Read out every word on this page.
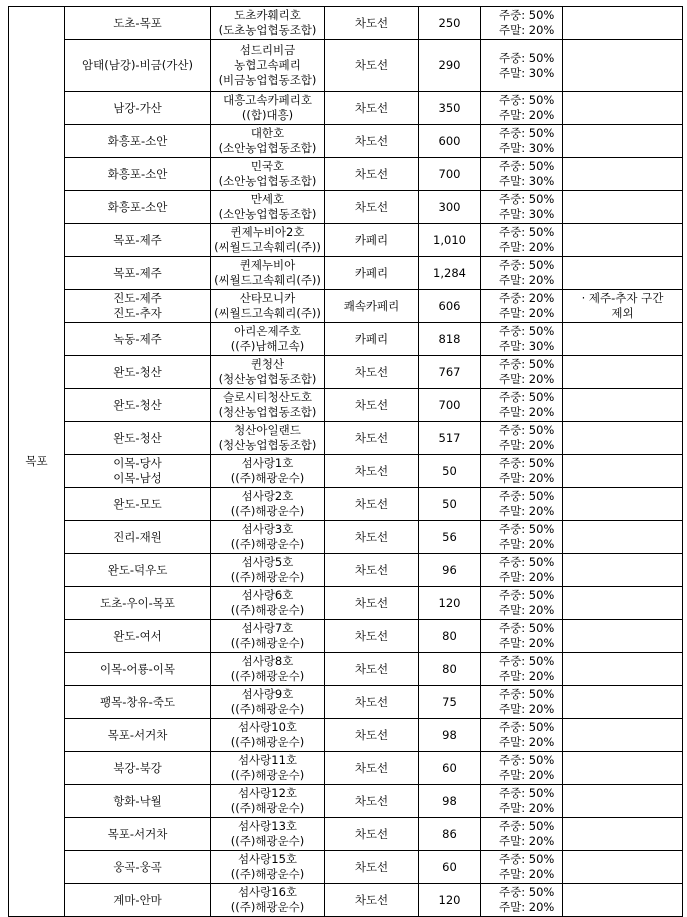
목포	도초-목포	도초카훼리호
(도초농업협동조합)	차도선	250	주중: 50%
주말: 20%	

	암태(남강)-비금(가산)	섬드리비금
농협고속페리
(비금농업협동조합)	차도선	290	주중: 50%
주말: 30%	

	남강-가산	대흥고속카페리호
((합)대흥)	차도선	350	주중: 50%
주말: 20%	

	화흥포-소안	대한호
(소안농업협동조합)	차도선	600	주중: 50%
주말: 30%	

	화흥포-소안	민국호
(소안농업협동조합)	차도선	700	주중: 50%
주말: 30%	

	화흥포-소안	만세호
(소안농업협동조합)	차도선	300	주중: 50%
주말: 30%	

	목포-제주	퀸제누비아2호
(씨월드고속훼리(주))	카페리	1,010	주중: 50%
주말: 20%	

	목포-제주	퀸제누비아
(씨월드고속훼리(주))	카페리	1,284	주중: 50%
주말: 20%	

	진도-제주
진도-추자	산타모니카
(씨월드고속훼리(주))	쾌속카페리	606	주중: 20%
주말: 20%	· 제주-추자 구간
제외

	녹동-제주	아리온제주호
((주)남해고속)	카페리	818	주중: 50%
주말: 30%	

	완도-청산	퀸청산
(청산농업협동조합)	차도선	767	주중: 50%
주말: 20%	

	완도-청산	슬로시티청산도호
(청산농업협동조합)	차도선	700	주중: 50%
주말: 20%	

	완도-청산	청산아일랜드
(청산농업협동조합)	차도선	517	주중: 50%
주말: 20%	

	이목-당사
이목-남성	섬사랑1호
((주)해광운수)	차도선	50	주중: 50%
주말: 20%	

	완도-모도	섬사랑2호
((주)해광운수)	차도선	50	주중: 50%
주말: 20%	

	진리-재원	섬사랑3호
((주)해광운수)	차도선	56	주중: 50%
주말: 20%	

	완도-덕우도	섬사랑5호
((주)해광운수)	차도선	96	주중: 50%
주말: 20%	

	도초-우이-목포	섬사랑6호
((주)해광운수)	차도선	120	주중: 50%
주말: 20%	

	완도-여서	섬사랑7호
((주)해광운수)	차도선	80	주중: 50%
주말: 20%	

	이목-어룡-이목	섬사랑8호
((주)해광운수)	차도선	80	주중: 50%
주말: 20%	

	팽목-창유-죽도	섬사랑9호
((주)해광운수)	차도선	75	주중: 50%
주말: 20%	

	목포-서거차	섬사랑10호
((주)해광운수)	차도선	98	주중: 50%
주말: 20%	

	북강-북강	섬사랑11호
((주)해광운수)	차도선	60	주중: 50%
주말: 20%	

	항화-낙월	섬사랑12호
((주)해광운수)	차도선	98	주중: 50%
주말: 20%	

	목포-서거차	섬사랑13호
((주)해광운수)	차도선	86	주중: 50%
주말: 20%	

	웅곡-웅곡	섬사랑15호
((주)해광운수)	차도선	60	주중: 50%
주말: 20%	

	계마-안마	섬사랑16호
((주)해광운수)	차도선	120	주중: 50%
주말: 20%	
